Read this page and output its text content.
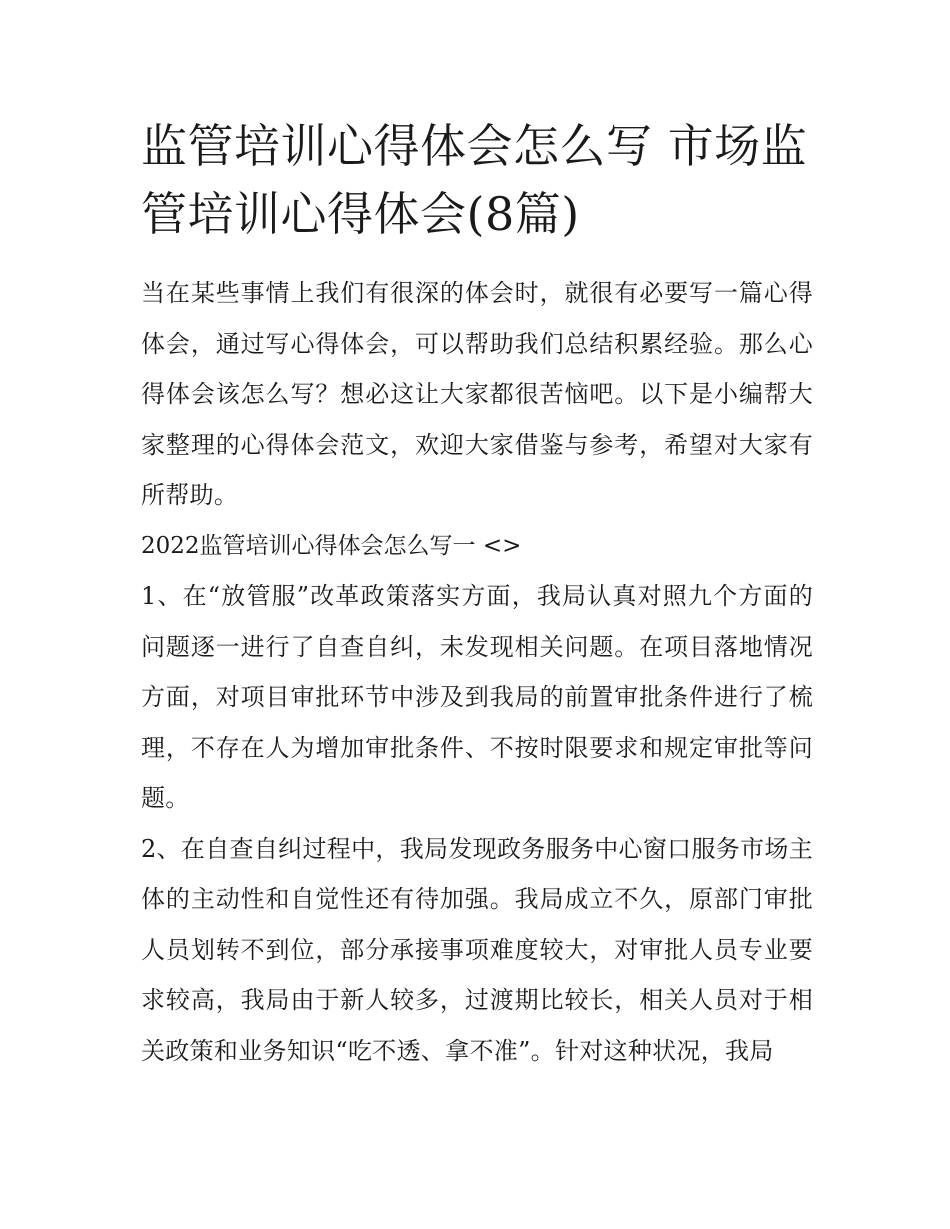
监管培训心得体会怎么写 市场监管培训心得体会(8篇)

当在某些事情上我们有很深的体会时，就很有必要写一篇心得体会，通过写心得体会，可以帮助我们总结积累经验。那么心得体会该怎么写？想必这让大家都很苦恼吧。以下是小编帮大家整理的心得体会范文，欢迎大家借鉴与参考，希望对大家有所帮助。

2022监管培训心得体会怎么写一 <>

1、在“放管服”改革政策落实方面，我局认真对照九个方面的问题逐一进行了自查自纠，未发现相关问题。在项目落地情况方面，对项目审批环节中涉及到我局的前置审批条件进行了梳理，不存在人为增加审批条件、不按时限要求和规定审批等问题。

2、在自查自纠过程中，我局发现政务服务中心窗口服务市场主体的主动性和自觉性还有待加强。我局成立不久，原部门审批人员划转不到位，部分承接事项难度较大，对审批人员专业要求较高，我局由于新人较多，过渡期比较长，相关人员对于相关政策和业务知识“吃不透、拿不准”。针对这种状况，我局
